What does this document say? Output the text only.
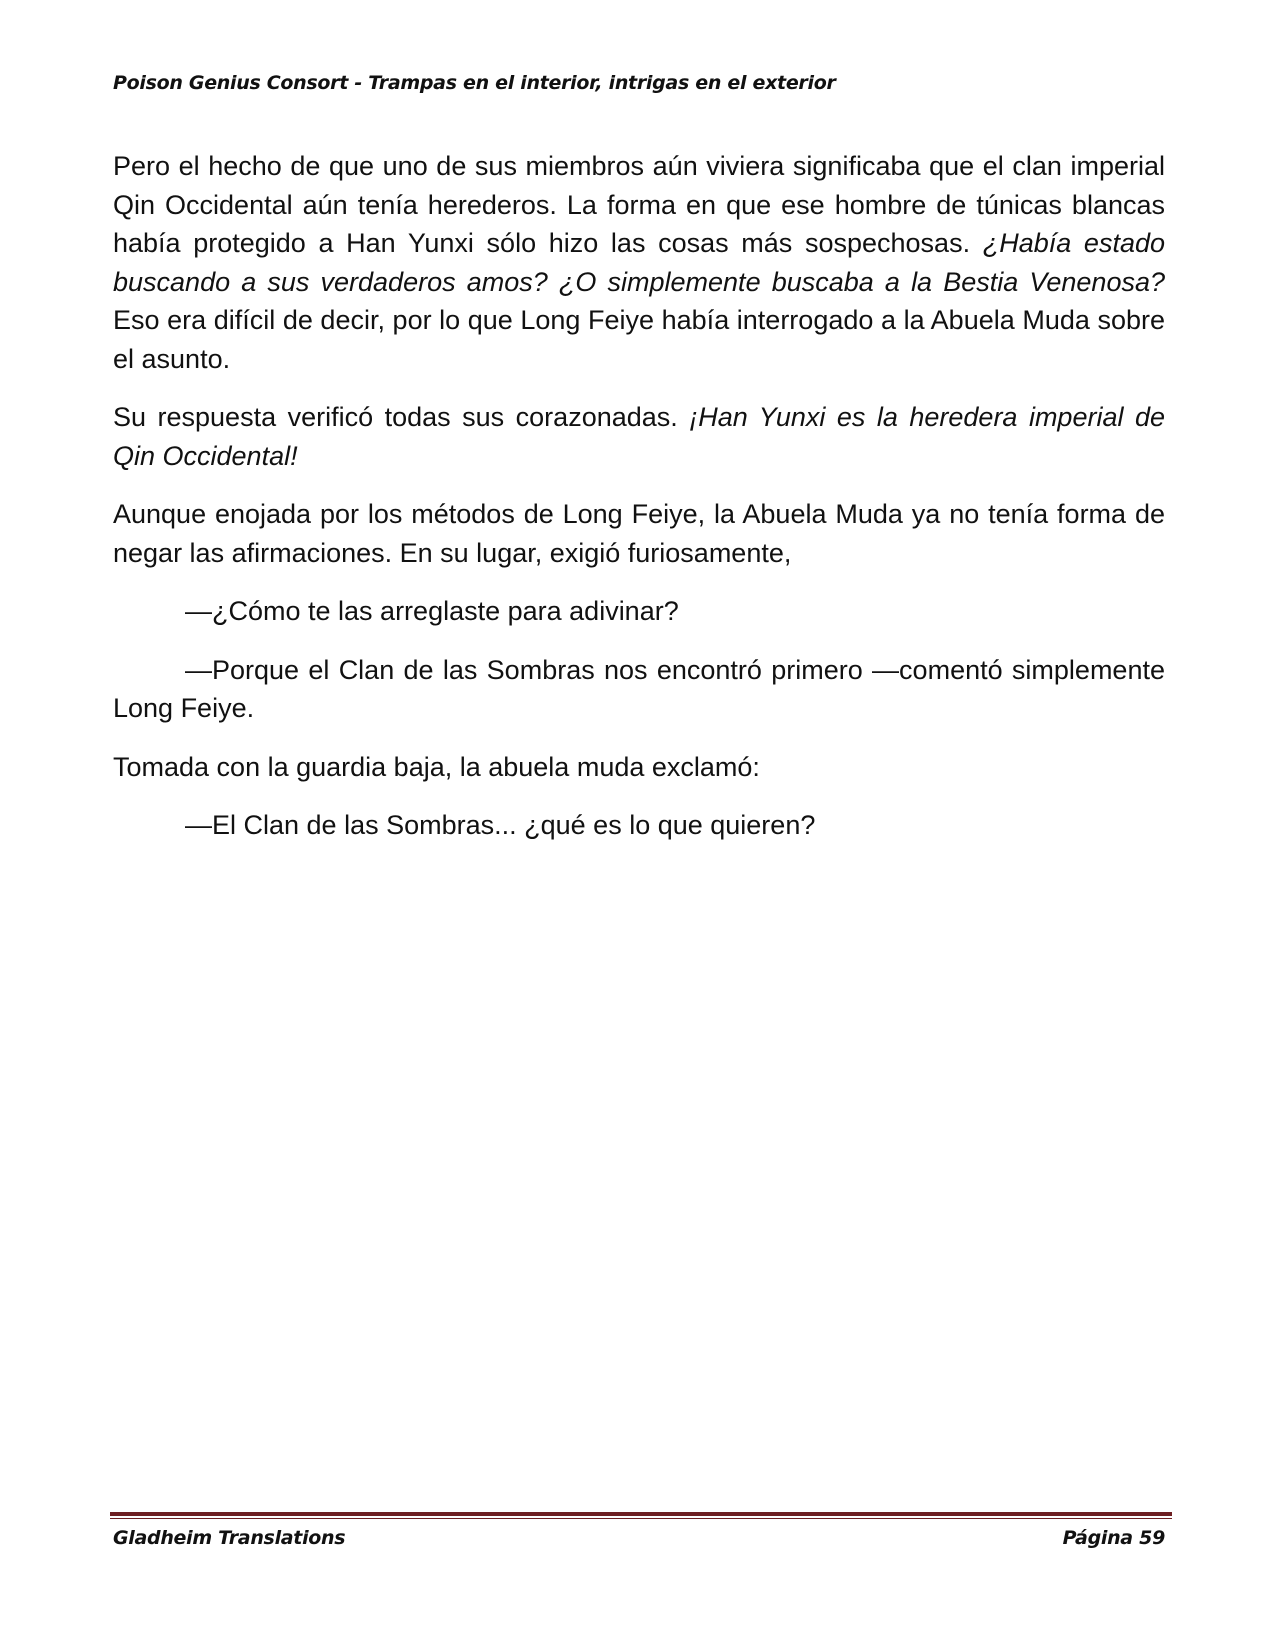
Poison Genius Consort - Trampas en el interior, intrigas en el exterior

Pero el hecho de que uno de sus miembros aún viviera significaba que el clan imperial Qin Occidental aún tenía herederos. La forma en que ese hombre de túnicas blancas había protegido a Han Yunxi sólo hizo las cosas más sospechosas. ¿Había estado buscando a sus verdaderos amos? ¿O simplemente buscaba a la Bestia Venenosa? Eso era difícil de decir, por lo que Long Feiye había interrogado a la Abuela Muda sobre el asunto.

Su respuesta verificó todas sus corazonadas. ¡Han Yunxi es la heredera imperial de Qin Occidental!

Aunque enojada por los métodos de Long Feiye, la Abuela Muda ya no tenía forma de negar las afirmaciones. En su lugar, exigió furiosamente,

—¿Cómo te las arreglaste para adivinar?

—Porque el Clan de las Sombras nos encontró primero —comentó simplemente Long Feiye.

Tomada con la guardia baja, la abuela muda exclamó:

—El Clan de las Sombras... ¿qué es lo que quieren?

Gladheim Translations	Página 59
